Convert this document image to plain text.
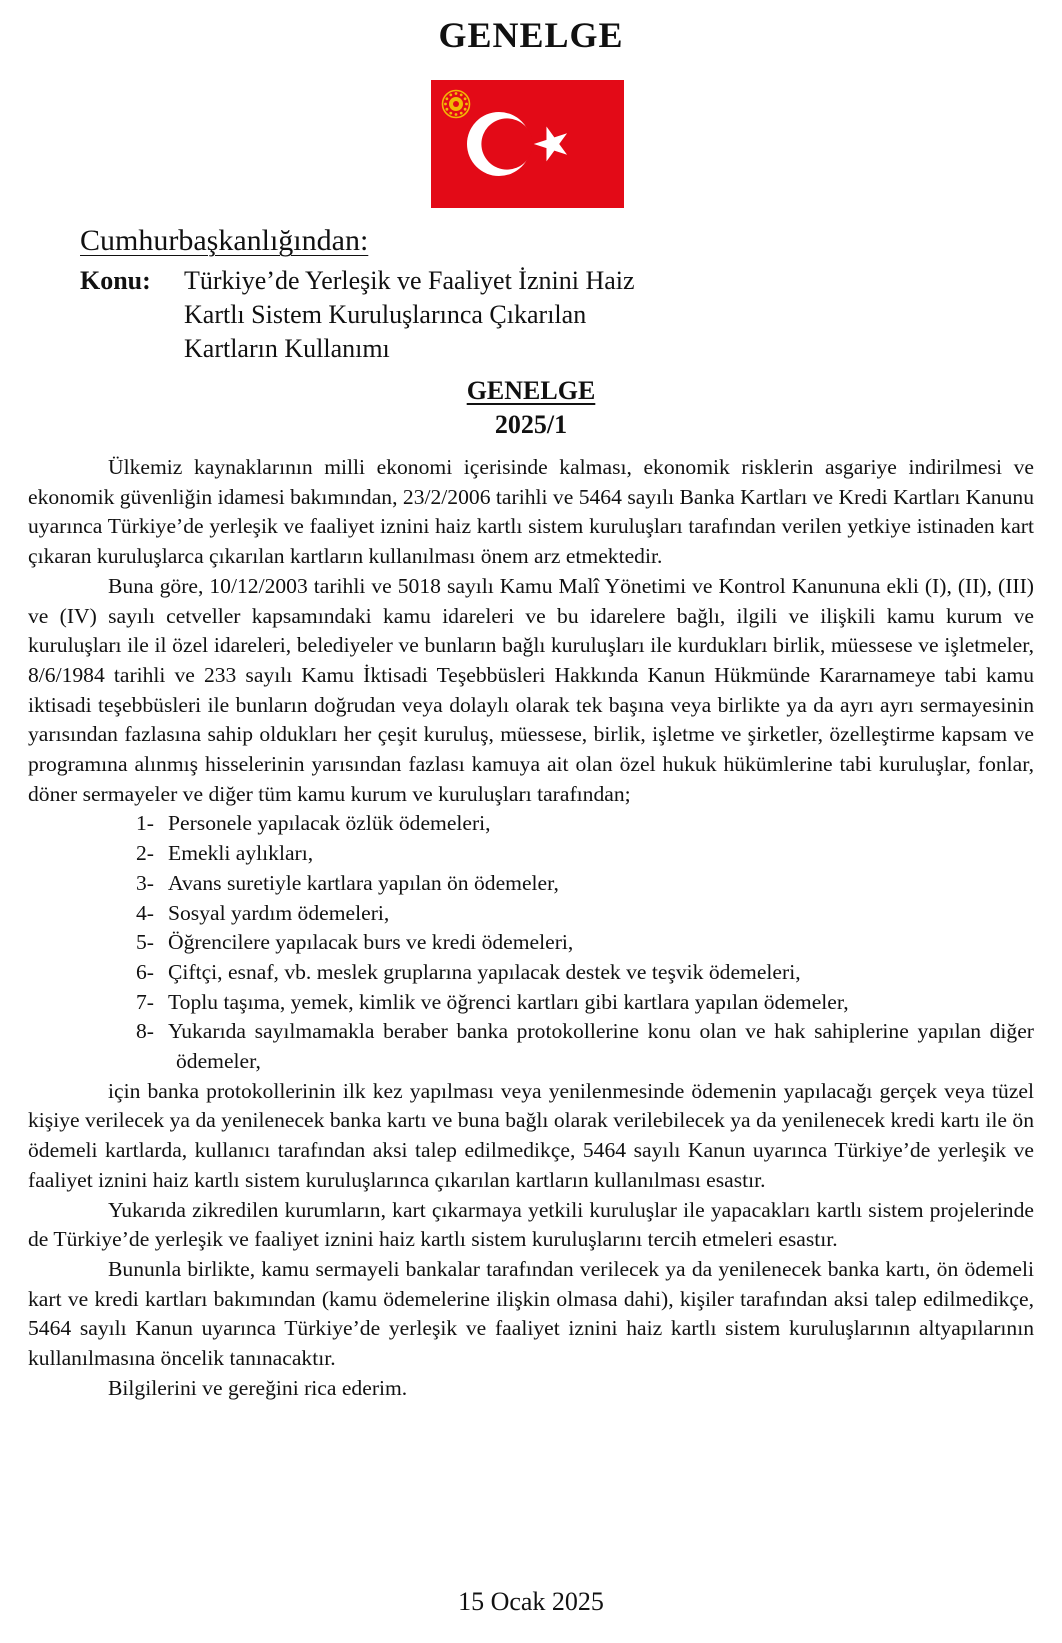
GENELGE
Cumhurbaşkanlığından:
Konu: Türkiye’de Yerleşik ve Faaliyet İznini Haiz
Kartlı Sistem Kuruluşlarınca Çıkarılan
Kartların Kullanımı
GENELGE
2025/1

Ülkemiz kaynaklarının milli ekonomi içerisinde kalması, ekonomik risklerin asgariye indirilmesi ve ekonomik güvenliğin idamesi bakımından, 23/2/2006 tarihli ve 5464 sayılı Banka Kartları ve Kredi Kartları Kanunu uyarınca Türkiye’de yerleşik ve faaliyet iznini haiz kartlı sistem kuruluşları tarafından verilen yetkiye istinaden kart çıkaran kuruluşlarca çıkarılan kartların kullanılması önem arz etmektedir.

Buna göre, 10/12/2003 tarihli ve 5018 sayılı Kamu Malî Yönetimi ve Kontrol Kanununa ekli (I), (II), (III) ve (IV) sayılı cetveller kapsamındaki kamu idareleri ve bu idarelere bağlı, ilgili ve ilişkili kamu kurum ve kuruluşları ile il özel idareleri, belediyeler ve bunların bağlı kuruluşları ile kurdukları birlik, müessese ve işletmeler, 8/6/1984 tarihli ve 233 sayılı Kamu İktisadi Teşebbüsleri Hakkında Kanun Hükmünde Kararnameye tabi kamu iktisadi teşebbüsleri ile bunların doğrudan veya dolaylı olarak tek başına veya birlikte ya da ayrı ayrı sermayesinin yarısından fazlasına sahip oldukları her çeşit kuruluş, müessese, birlik, işletme ve şirketler, özelleştirme kapsam ve programına alınmış hisselerinin yarısından fazlası kamuya ait olan özel hukuk hükümlerine tabi kuruluşlar, fonlar, döner sermayeler ve diğer tüm kamu kurum ve kuruluşları tarafından;

1- Personele yapılacak özlük ödemeleri,
2- Emekli aylıkları,
3- Avans suretiyle kartlara yapılan ön ödemeler,
4- Sosyal yardım ödemeleri,
5- Öğrencilere yapılacak burs ve kredi ödemeleri,
6- Çiftçi, esnaf, vb. meslek gruplarına yapılacak destek ve teşvik ödemeleri,
7- Toplu taşıma, yemek, kimlik ve öğrenci kartları gibi kartlara yapılan ödemeler,
8- Yukarıda sayılmamakla beraber banka protokollerine konu olan ve hak sahiplerine yapılan diğer ödemeler,

için banka protokollerinin ilk kez yapılması veya yenilenmesinde ödemenin yapılacağı gerçek veya tüzel kişiye verilecek ya da yenilenecek banka kartı ve buna bağlı olarak verilebilecek ya da yenilenecek kredi kartı ile ön ödemeli kartlarda, kullanıcı tarafından aksi talep edilmedikçe, 5464 sayılı Kanun uyarınca Türkiye’de yerleşik ve faaliyet iznini haiz kartlı sistem kuruluşlarınca çıkarılan kartların kullanılması esastır.

Yukarıda zikredilen kurumların, kart çıkarmaya yetkili kuruluşlar ile yapacakları kartlı sistem projelerinde de Türkiye’de yerleşik ve faaliyet iznini haiz kartlı sistem kuruluşlarını tercih etmeleri esastır.

Bununla birlikte, kamu sermayeli bankalar tarafından verilecek ya da yenilenecek banka kartı, ön ödemeli kart ve kredi kartları bakımından (kamu ödemelerine ilişkin olmasa dahi), kişiler tarafından aksi talep edilmedikçe, 5464 sayılı Kanun uyarınca Türkiye’de yerleşik ve faaliyet iznini haiz kartlı sistem kuruluşlarının altyapılarının kullanılmasına öncelik tanınacaktır.

Bilgilerini ve gereğini rica ederim.

15 Ocak 2025
